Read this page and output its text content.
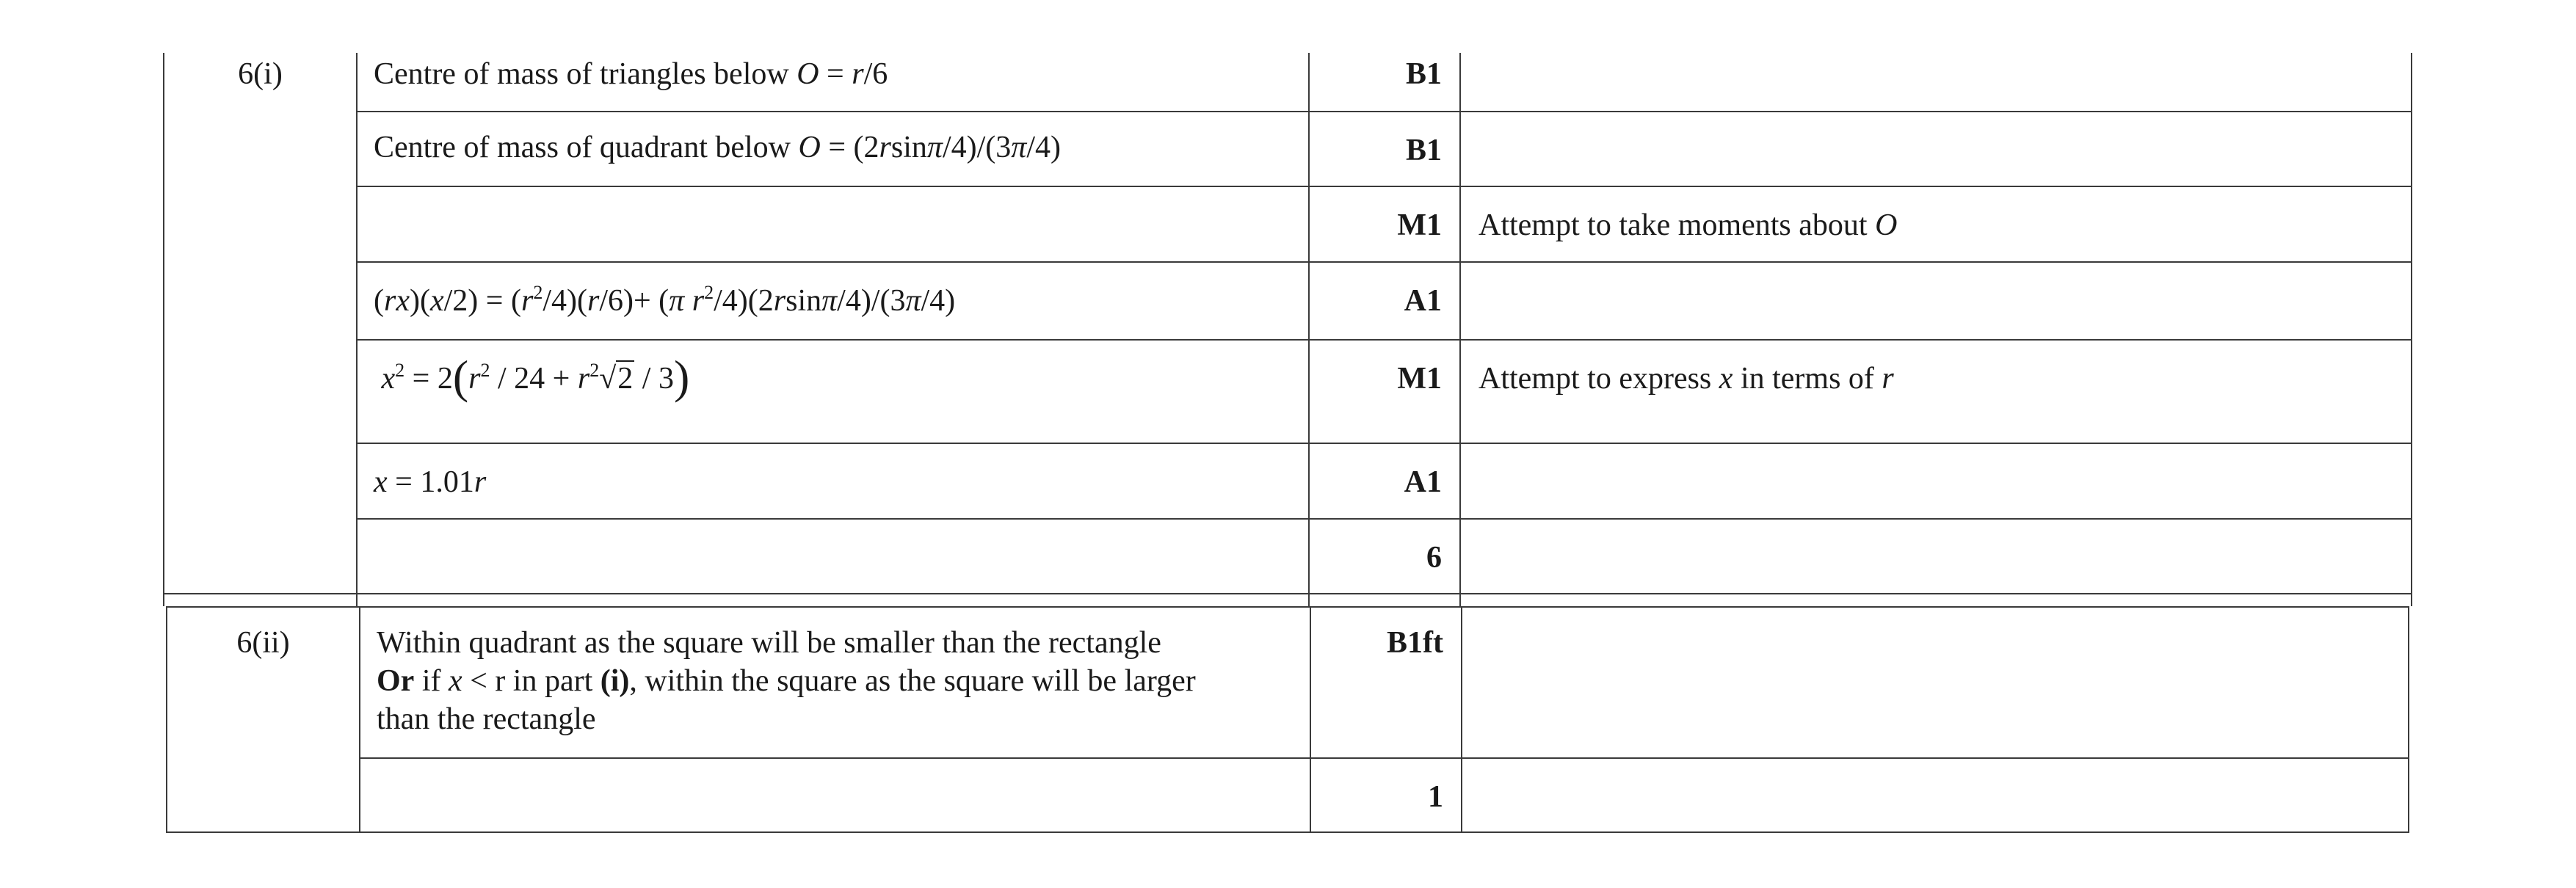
6(i)	Centre of mass of triangles below O = r/6	B1	

	Centre of mass of quadrant below O = (2rsinπ/4)/(3π/4)	B1	

		M1	Attempt to take moments about O

	$(rx)(x/2) = (r^2/4)(r/6)+ (\pi$ $r^2/4)(2rsin\pi/4)/(3\pi/4)$	A1	

	$x^2 = 2(r^2 / 24 + r^2√2 / 3)$	M1	Attempt to express x in terms of r

	x = 1.01r	A1	

		6	

6(ii)	Within quadrant as the square will be smaller than the rectangle
Or if x < r in part (i), within the square as the square will be larger
than the rectangle	B1ft	

		1	
